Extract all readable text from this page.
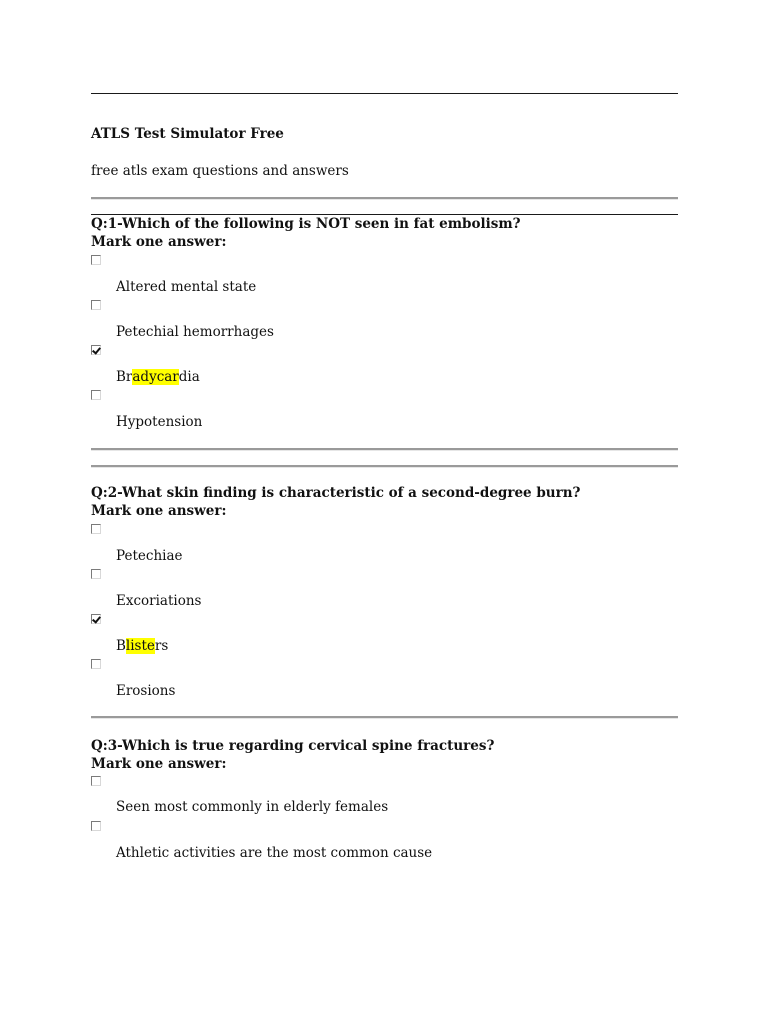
ATLS Test Simulator Free
free atls exam questions and answers
Q:1-Which of the following is NOT seen in fat embolism?
Mark one answer:
Altered mental state
Petechial hemorrhages
Bradycardia
Hypotension
Q:2-What skin finding is characteristic of a second-degree burn?
Mark one answer:
Petechiae
Excoriations
Blisters
Erosions
Q:3-Which is true regarding cervical spine fractures?
Mark one answer:
Seen most commonly in elderly females
Athletic activities are the most common cause
